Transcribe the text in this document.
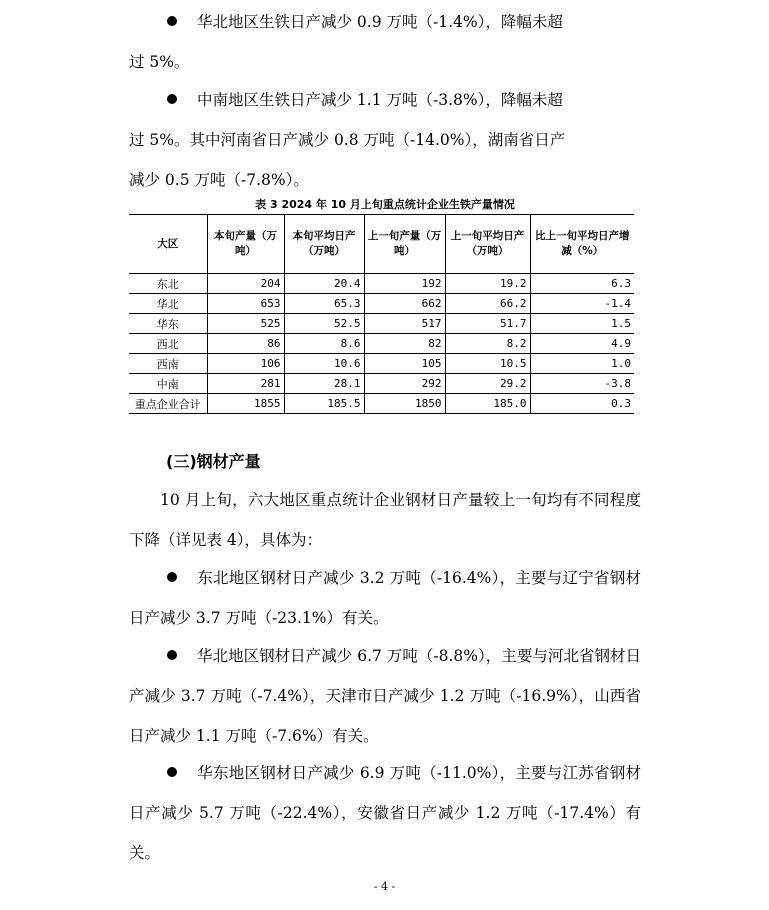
华北地区生铁日产减少 0.9 万吨（-1.4%），降幅未超
过 5%。

中南地区生铁日产减少 1.1 万吨（-3.8%），降幅未超
过 5%。其中河南省日产减少 0.8 万吨（-14.0%），湖南省日产
减少 0.5 万吨（-7.8%）。

表 3 2024 年 10 月上旬重点统计企业生铁产量情况
大区	本旬产量（万吨）	本旬平均日产（万吨）	上一旬产量（万吨）	上一旬平均日产（万吨）	比上一旬平均日产增减（%）
东北	204	20.4	192	19.2	6.3
华北	653	65.3	662	66.2	-1.4
华东	525	52.5	517	51.7	1.5
西北	86	8.6	82	8.2	4.9
西南	106	10.6	105	10.5	1.0
中南	281	28.1	292	29.2	-3.8
重点企业合计	1855	185.5	1850	185.0	0.3
(三)钢材产量

10 月上旬，六大地区重点统计企业钢材日产量较上一旬均有不同程度下降（详见表 4），具体为：

东北地区钢材日产减少 3.2 万吨（-16.4%），主要与辽宁省钢材日产减少 3.7 万吨（-23.1%）有关。

华北地区钢材日产减少 6.7 万吨（-8.8%），主要与河北省钢材日产减少 3.7 万吨（-7.4%），天津市日产减少 1.2 万吨（-16.9%），山西省日产减少 1.1 万吨（-7.6%）有关。

华东地区钢材日产减少 6.9 万吨（-11.0%），主要与江苏省钢材日产减少 5.7 万吨（-22.4%），安徽省日产减少 1.2 万吨（-17.4%）有关。

- 4 -
